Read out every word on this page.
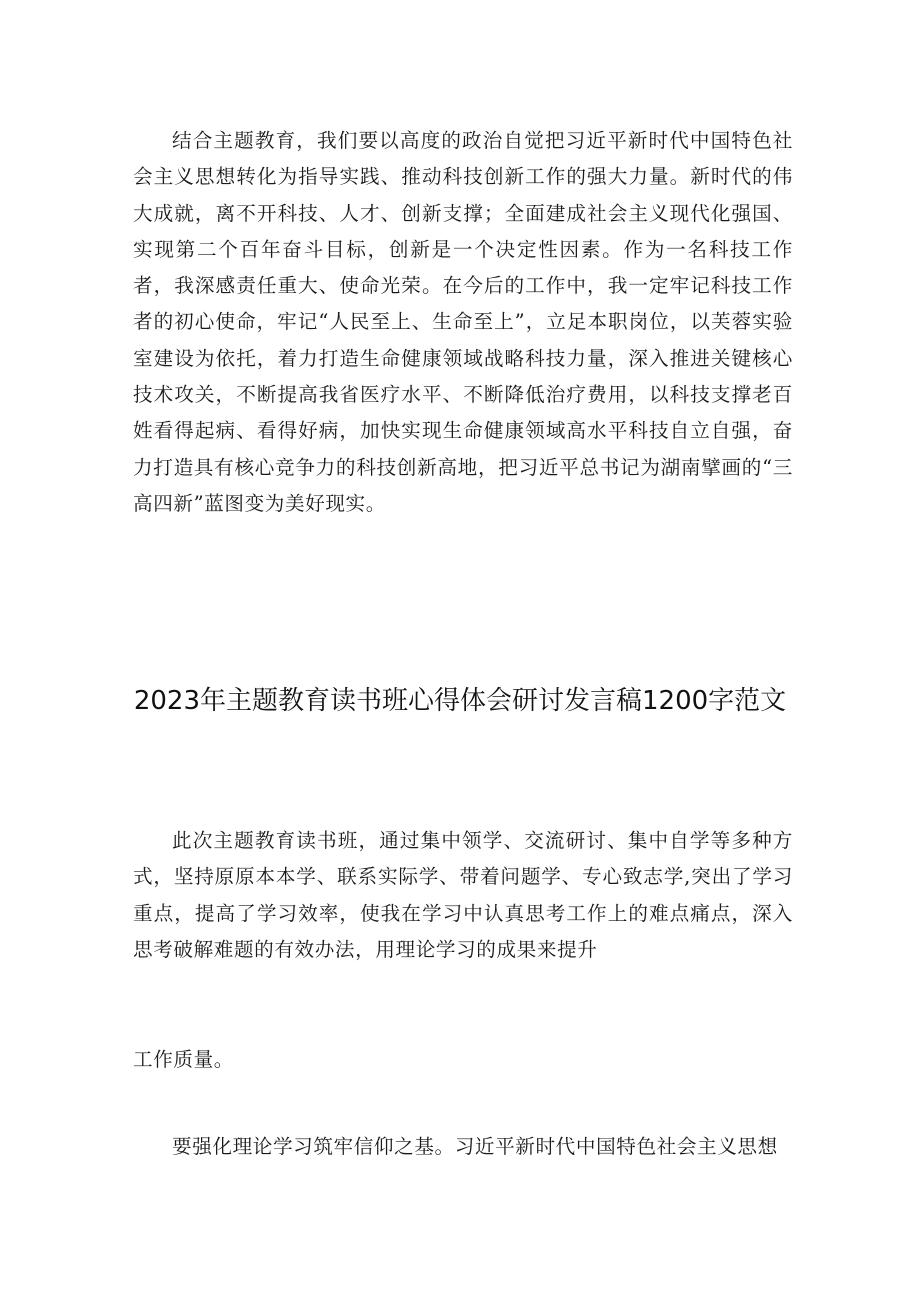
结合主题教育，我们要以高度的政治自觉把习近平新时代中国特色社会主义思想转化为指导实践、推动科技创新工作的强大力量。新时代的伟大成就，离不开科技、人才、创新支撑；全面建成社会主义现代化强国、实现第二个百年奋斗目标，创新是一个决定性因素。作为一名科技工作者，我深感责任重大、使命光荣。在今后的工作中，我一定牢记科技工作者的初心使命，牢记“人民至上、生命至上”，立足本职岗位，以芙蓉实验室建设为依托，着力打造生命健康领域战略科技力量，深入推进关键核心技术攻关，不断提高我省医疗水平、不断降低治疗费用，以科技支撑老百姓看得起病、看得好病，加快实现生命健康领域高水平科技自立自强，奋力打造具有核心竞争力的科技创新高地，把习近平总书记为湖南擘画的“三高四新”蓝图变为美好现实。

2023年主题教育读书班心得体会研讨发言稿1200字范文

此次主题教育读书班，通过集中领学、交流研讨、集中自学等多种方式，坚持原原本本学、联系实际学、带着问题学、专心致志学,突出了学习重点，提高了学习效率，使我在学习中认真思考工作上的难点痛点，深入思考破解难题的有效办法，用理论学习的成果来提升

工作质量。

要强化理论学习筑牢信仰之基。习近平新时代中国特色社会主义思想
